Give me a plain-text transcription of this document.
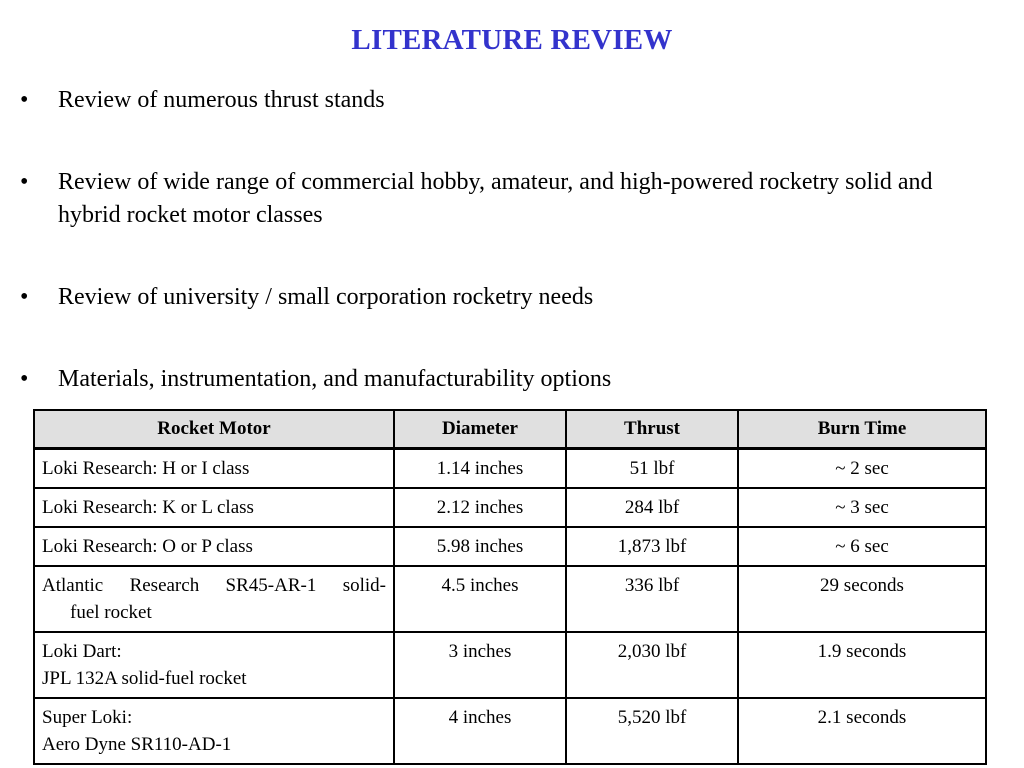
LITERATURE REVIEW
• Review of numerous thrust stands
• Review of wide range of commercial hobby, amateur, and high-powered rocketry solid and hybrid rocket motor classes
• Review of university / small corporation rocketry needs
• Materials, instrumentation, and manufacturability options
Rocket Motor	Diameter	Thrust	Burn Time
Loki Research: H or I class	1.14 inches	51 lbf	~ 2 sec
Loki Research: K or L class	2.12 inches	284 lbf	~ 3 sec
Loki Research: O or P class	5.98 inches	1,873 lbf	~ 6 sec

Atlantic Research SR45-AR-1 solid-
fuel rocket	4.5 inches	336 lbf	29 seconds

Loki Dart:
JPL 132A solid-fuel rocket	3 inches	2,030 lbf	1.9 seconds

Super Loki:
Aero Dyne SR110-AD-1	4 inches	5,520 lbf	2.1 seconds
